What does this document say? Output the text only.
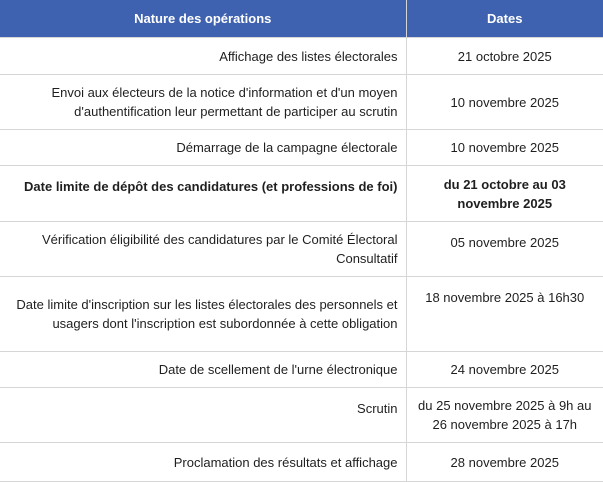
Nature des opérations	Dates
Affichage des listes électorales	21 octobre 2025
Envoi aux électeurs de la notice d'information et d'un moyen d'authentification leur permettant de participer au scrutin	10 novembre 2025
Démarrage de la campagne électorale	10 novembre 2025
Date limite de dépôt des candidatures (et professions de foi)	du 21 octobre au 03 novembre 2025
Vérification éligibilité des candidatures par le Comité Électoral Consultatif	05 novembre 2025
Date limite d'inscription sur les listes électorales des personnels et usagers dont l'inscription est subordonnée à cette obligation	18 novembre 2025 à 16h30
Date de scellement de l'urne électronique	24 novembre 2025
Scrutin	du 25 novembre 2025 à 9h au 26 novembre 2025 à 17h
Proclamation des résultats et affichage	28 novembre 2025
